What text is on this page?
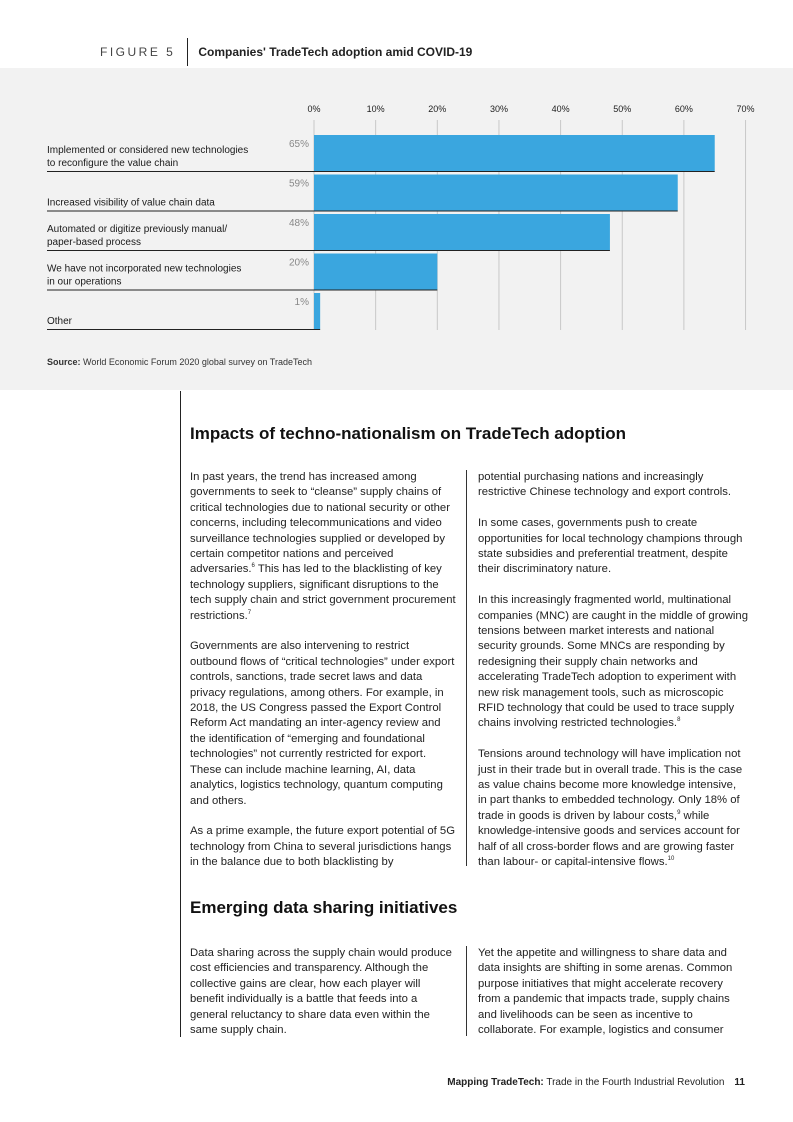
FIGURE 5 Companies' TradeTech adoption amid COVID-19
0%	10%	20%	30%	40%	50%	60%	70%
65%
Implemented or considered new technologies
to reconfigure the value chain
59%
Increased visibility of value chain data
48%
Automated or digitize previously manual/
paper-based process
20%
We have not incorporated new technologies
in our operations
1%
Other
Source: World Economic Forum 2020 global survey on TradeTech
Impacts of techno-nationalism on TradeTech adoption

In past years, the trend has increased among governments to seek to “cleanse” supply chains of critical technologies due to national security or other concerns, including telecommunications and video surveillance technologies supplied or developed by certain competitor nations and perceived adversaries.$^6$ This has led to the blacklisting of key technology suppliers, significant disruptions to the tech supply chain and strict government procurement restrictions.$^7$

Governments are also intervening to restrict outbound flows of “critical technologies” under export controls, sanctions, trade secret laws and data privacy regulations, among others. For example, in 2018, the US Congress passed the Export Control Reform Act mandating an inter-agency review and the identification of “emerging and foundational technologies” not currently restricted for export. These can include machine learning, AI, data analytics, logistics technology, quantum computing and others.

As a prime example, the future export potential of 5G technology from China to several jurisdictions hangs in the balance due to both blacklisting by

potential purchasing nations and increasingly restrictive Chinese technology and export controls.

In some cases, governments push to create opportunities for local technology champions through state subsidies and preferential treatment, despite their discriminatory nature.

In this increasingly fragmented world, multinational companies (MNC) are caught in the middle of growing tensions between market interests and national security grounds. Some MNCs are responding by redesigning their supply chain networks and accelerating TradeTech adoption to experiment with new risk management tools, such as microscopic RFID technology that could be used to trace supply chains involving restricted technologies.$^8$

Tensions around technology will have implication not just in their trade but in overall trade. This is the case as value chains become more knowledge intensive, in part thanks to embedded technology. Only 18% of trade in goods is driven by labour costs,$^9$ while knowledge-intensive goods and services account for half of all cross-border flows and are growing faster than labour- or capital-intensive flows.$^{10}$

Emerging data sharing initiatives

Data sharing across the supply chain would produce cost efficiencies and transparency. Although the collective gains are clear, how each player will benefit individually is a battle that feeds into a general reluctancy to share data even within the same supply chain.

Yet the appetite and willingness to share data and data insights are shifting in some arenas. Common purpose initiatives that might accelerate recovery from a pandemic that impacts trade, supply chains and livelihoods can be seen as incentive to collaborate. For example, logistics and consumer

Mapping TradeTech: Trade in the Fourth Industrial Revolution 11
